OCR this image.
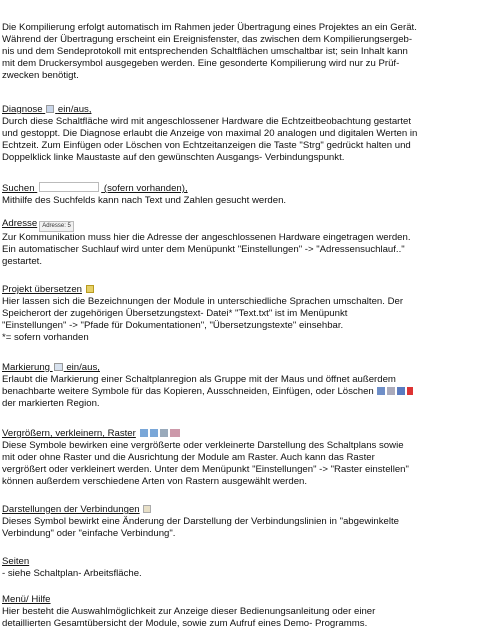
Die Kompilierung erfolgt automatisch im Rahmen jeder Übertragung eines Projektes an ein Gerät.
Während der Übertragung erscheint ein Ereignisfenster, das zwischen dem Kompilierungsergeb-
nis und dem Sendeprotokoll mit entsprechenden Schaltflächen umschaltbar ist; sein Inhalt kann
mit dem Druckersymbol ausgegeben werden. Eine gesonderte Kompilierung wird nur zu Prüf-
zwecken benötigt.
Diagnose ein/aus,
Durch diese Schaltfläche wird mit angeschlossener Hardware die Echtzeitbeobachtung gestartet
und gestoppt. Die Diagnose erlaubt die Anzeige von maximal 20 analogen und digitalen Werten in
Echtzeit. Zum Einfügen oder Löschen von Echtzeitanzeigen die Taste "Strg" gedrückt halten und
Doppelklick linke Maustaste auf den gewünschten Ausgangs- Verbindungspunkt.
Suchen	(sofern vorhanden),
Mithilfe des Suchfelds kann nach Text und Zahlen gesucht werden.
Adresse Adresse: 5
Zur Kommunikation muss hier die Adresse der angeschlossenen Hardware eingetragen werden.
Ein automatischer Suchlauf wird unter dem Menüpunkt "Einstellungen" -> "Adressensuchlauf.."
gestartet.
Projekt übersetzen
Hier lassen sich die Bezeichnungen der Module in unterschiedliche Sprachen umschalten. Der
Speicherort der zugehörigen Übersetzungstext- Datei* "Text.txt" ist im Menüpunkt
"Einstellungen" -> "Pfade für Dokumentationen", "Übersetzungstexte" einsehbar.
*= sofern vorhanden
Markierung ein/aus,
Erlaubt die Markierung einer Schaltplanregion als Gruppe mit der Maus und öffnet außerdem
benachbarte weitere Symbole für das Kopieren, Ausschneiden, Einfügen, oder Löschen
der markierten Region.
Vergrößern, verkleinern, Raster
Diese Symbole bewirken eine vergrößerte oder verkleinerte Darstellung des Schaltplans sowie
mit oder ohne Raster und die Ausrichtung der Module am Raster. Auch kann das Raster
vergrößert oder verkleinert werden. Unter dem Menüpunkt "Einstellungen" -> "Raster einstellen"
können außerdem verschiedene Arten von Rastern ausgewählt werden.
Darstellungen der Verbindungen
Dieses Symbol bewirkt eine Änderung der Darstellung der Verbindungslinien in "abgewinkelte
Verbindung" oder "einfache Verbindung".
Seiten
- siehe Schaltplan- Arbeitsfläche.
Menü/ Hilfe
Hier besteht die Auswahlmöglichkeit zur Anzeige dieser Bedienungsanleitung oder einer
detaillierten Gesamtübersicht der Module, sowie zum Aufruf eines Demo- Programms.
